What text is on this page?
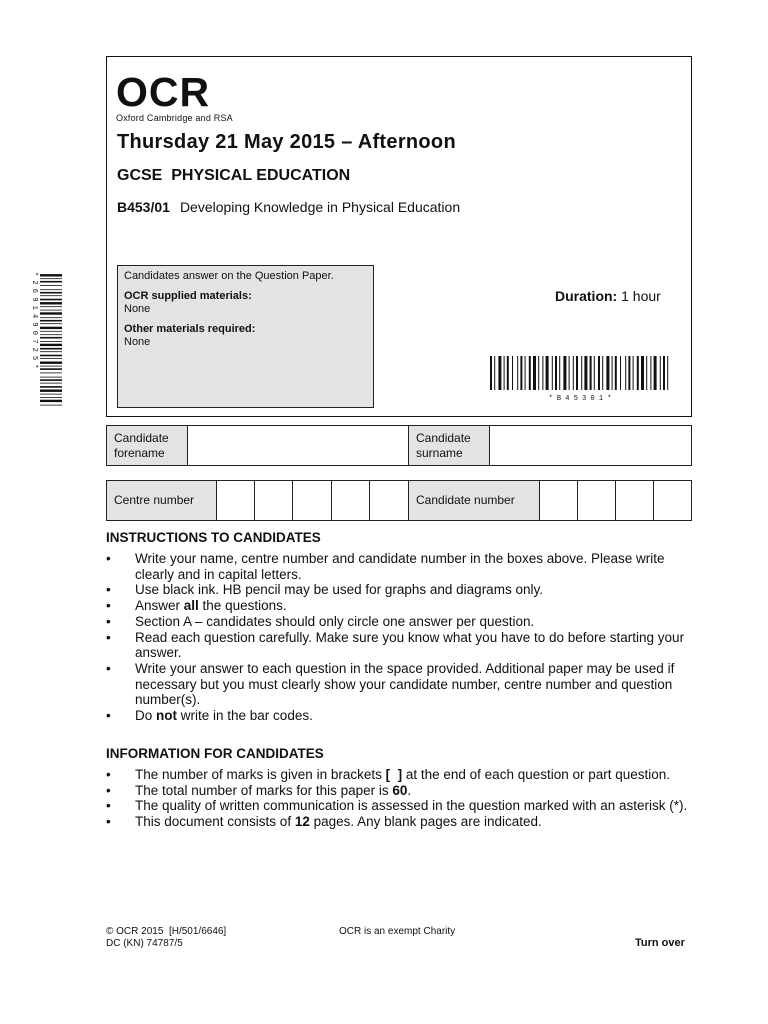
OCR
Oxford Cambridge and RSA
Thursday 21 May 2015 – Afternoon
GCSE  PHYSICAL EDUCATION
B453/01 Developing Knowledge in Physical Education
Candidates answer on the Question Paper.
OCR supplied materials:
None
Other materials required:
None
Duration: 1 hour
* B 4 5 3 0 1 *
* 2 6 9 1 4 9 0 7 2 5 *
Candidate forename
Candidate surname
Centre number	Candidate number
INSTRUCTIONS TO CANDIDATES
• Write your name, centre number and candidate number in the boxes above. Please write clearly and in capital letters.
• Use black ink. HB pencil may be used for graphs and diagrams only.
• Answer all the questions.
• Section A – candidates should only circle one answer per question.
• Read each question carefully. Make sure you know what you have to do before starting your answer.
• Write your answer to each question in the space provided. Additional paper may be used if necessary but you must clearly show your candidate number, centre number and question number(s).
• Do not write in the bar codes.
INFORMATION FOR CANDIDATES
• The number of marks is given in brackets [  ] at the end of each question or part question.
• The total number of marks for this paper is 60.
• The quality of written communication is assessed in the question marked with an asterisk (*).
• This document consists of 12 pages. Any blank pages are indicated.
© OCR 2015  [H/501/6646]
DC (KN) 74787/5
OCR is an exempt Charity
Turn over
